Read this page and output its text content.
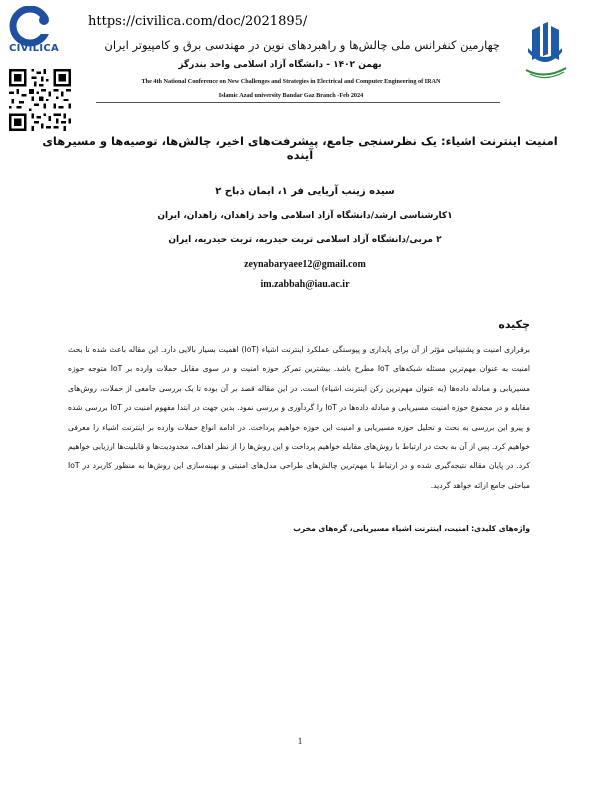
CIVILICA
https://civilica.com/doc/2021895/
چهارمین کنفرانس ملی چالش‌ها و راهبردهای نوین در مهندسی برق و کامپیوتر ایران
بهمن ۱۴۰۲ - دانشگاه آزاد اسلامی واحد بندرگز
The 4th National Conference on New Challenges and Strategies in Electrical and Computer Engineering of IRAN
Islamic Azad university Bandar Gaz Branch -Feb 2024
امنیت اینترنت اشیاء: یک نظرسنجی جامع، پیشرفت‌های اخیر، چالش‌ها، توصیه‌ها و مسیرهای آینده
سیده زینب آریایی فر ۱، ایمان ذباح ۲
۱کارشناسی ارشد/دانشگاه آزاد اسلامی واحد زاهدان، زاهدان، ایران
۲ مربی/دانشگاه آزاد اسلامی تربت حیدریه، تربت حیدریه، ایران
zeynabaryaee12@gmail.com
im.zabbah@iau.ac.ir
چکیده
برقراری امنیت و پشتیبانی مؤثر از آن برای پایداری و پیوستگی عملکرد اینترنت اشیاء (IoT) اهمیت بسیار بالایی دارد. این مقاله باعث شده تا بحث امنیت به عنوان مهم‌ترین مسئله شبکه‌های IoT مطرح باشد. بیشترین تمرکز حوزه امنیت و در سوی مقابل حملات وارده بر IoT متوجه حوزه مسیریابی و مبادله داده‌ها (به عنوان مهم‌ترین رکن اینترنت اشیاء) است. در این مقاله قصد بر آن بوده تا یک بررسی جامعی از حملات، روش‌های مقابله و در مجموع حوزه امنیت مسیریابی و مبادله داده‌ها در IoT را گردآوری و بررسی نمود. بدین جهت در ابتدا مفهوم امنیت در IoT بررسی شده و پیرو این بررسی به بحث و تحلیل حوزه مسیریابی و امنیت این حوزه خواهیم پرداخت. در ادامه انواع حملات وارده بر اینترنت اشیاء را معرفی خواهیم کرد. پس از آن به بحث در ارتباط با روش‌های مقابله خواهیم پرداخت و این روش‌ها را از نظر اهداف، محدودیت‌ها و قابلیت‌ها ارزیابی خواهیم کرد. در پایان مقاله نتیجه‌گیری شده و در ارتباط با مهم‌ترین چالش‌های طراحی مدل‌های امنیتی و بهینه‌سازی این روش‌ها به منظور کاربرد در IoT مباحثی جامع ارائه خواهد گردید.
واژه‌های کلیدی: امنیت، اینترنت اشیاء مسیریابی، گره‌های مخرب
1
